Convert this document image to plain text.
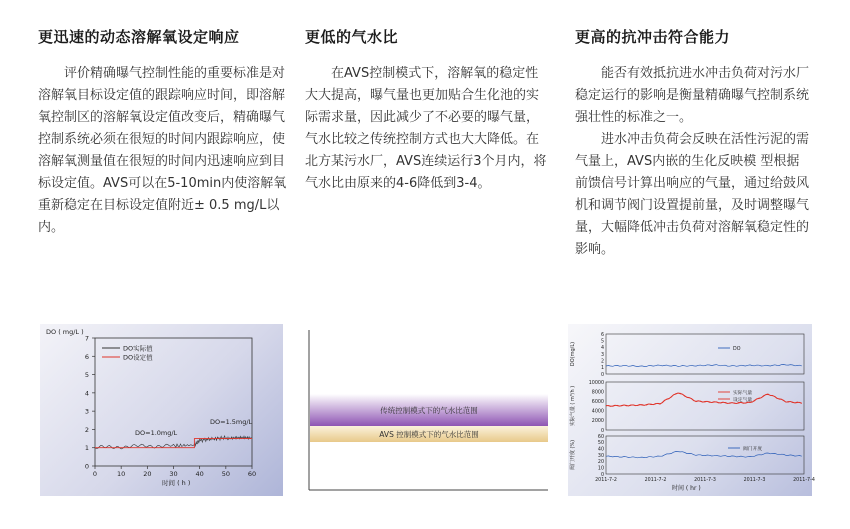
更迅速的动态溶解氧设定响应

评价精确曝气控制性能的重要标准是对溶解氧目标设定值的跟踪响应时间，即溶解氧控制区的溶解氧设定值改变后，精确曝气控制系统必须在很短的时间内跟踪响应，使溶解氧测量值在很短的时间内迅速响应到目标设定值。AVS可以在5-10min内使溶解氧重新稳定在目标设定值附近± 0.5 mg/L以内。

更低的气水比

在AVS控制模式下，溶解氧的稳定性大大提高，曝气量也更加贴合生化池的实际需求量，因此减少了不必要的曝气量，气水比较之传统控制方式也大大降低。在北方某污水厂，AVS连续运行3个月内，将气水比由原来的4-6降低到3-4。

更高的抗冲击符合能力

能否有效抵抗进水冲击负荷对污水厂稳定运行的影响是衡量精确曝气控制系统强壮性的标准之一。

进水冲击负荷会反映在活性污泥的需气量上，AVS内嵌的生化反映模 型根据前馈信号计算出响应的气量，通过给鼓风机和调节阀门设置提前量，及时调整曝气量，大幅降低冲击负荷对溶解氧稳定性的影响。

DO ( mg/L )
0
1
2
3
4
5
6
7
0	10	20	30	40	50	60
DO实际值
DO设定值
DO=1.0mg/L
DO=1.5mg/L
时间 ( h )
传统控制模式下的气水比范围
AVS 控制模式下的气水比范围
0
1
2
3
4
5
6
DO(mg/L)	DO
0
2000
4000
6000
8000
10000
实际气量 ( m³/h )	实际气量
设定气量
0
10
20
30
40
50
60
阀门开度 (%)	阀门开度
2011-7-2	2011-7-2	2011-7-3	2011-7-3	2011-7-4
时间 ( hr )
